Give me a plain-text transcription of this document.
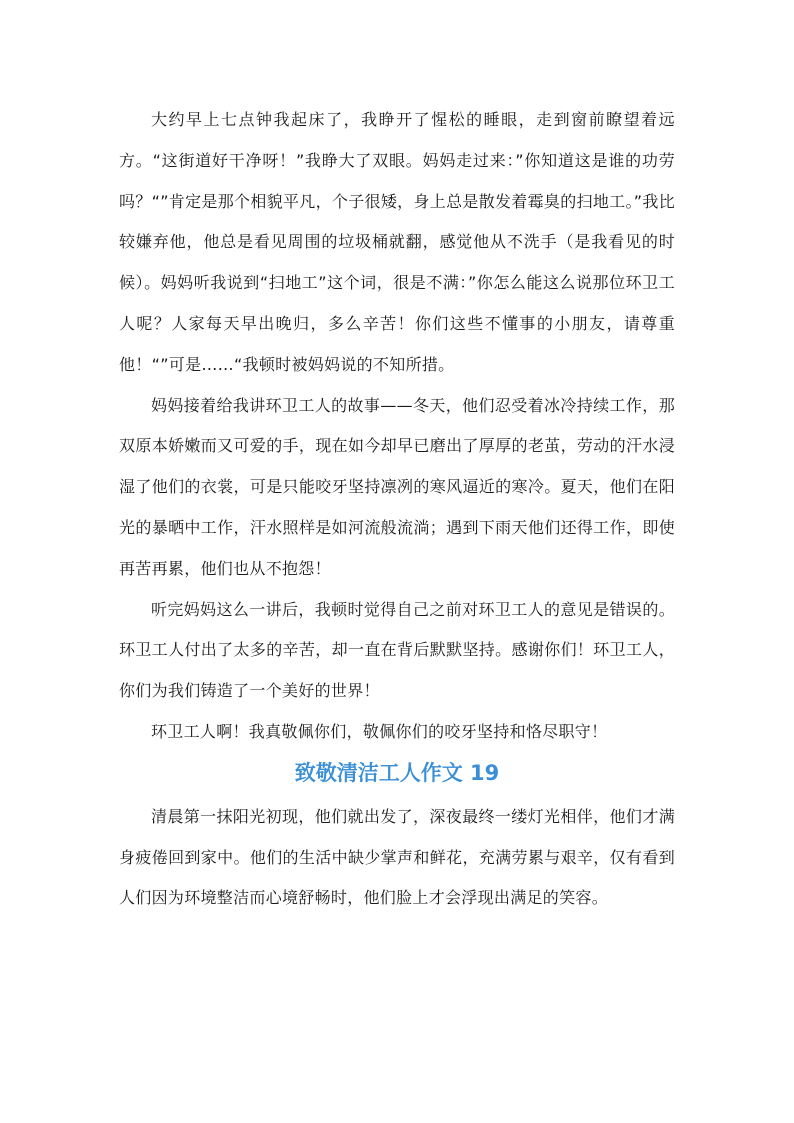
大约早上七点钟我起床了，我睁开了惺松的睡眼，走到窗前瞭望着远方。“这街道好干净呀！”我睁大了双眼。妈妈走过来：”你知道这是谁的功劳吗？“”肯定是那个相貌平凡，个子很矮，身上总是散发着霉臭的扫地工。”我比较嫌弃他，他总是看见周围的垃圾桶就翻，感觉他从不洗手（是我看见的时候）。妈妈听我说到“扫地工”这个词，很是不满：”你怎么能这么说那位环卫工人呢？人家每天早出晚归，多么辛苦！你们这些不懂事的小朋友，请尊重他！“”可是……“我顿时被妈妈说的不知所措。

妈妈接着给我讲环卫工人的故事——冬天，他们忍受着冰冷持续工作，那双原本娇嫩而又可爱的手，现在如今却早已磨出了厚厚的老茧，劳动的汗水浸湿了他们的衣裳，可是只能咬牙坚持凛冽的寒风逼近的寒冷。夏天，他们在阳光的暴晒中工作，汗水照样是如河流般流淌；遇到下雨天他们还得工作，即使再苦再累，他们也从不抱怨！

听完妈妈这么一讲后，我顿时觉得自己之前对环卫工人的意见是错误的。环卫工人付出了太多的辛苦，却一直在背后默默坚持。感谢你们！环卫工人，你们为我们铸造了一个美好的世界！

环卫工人啊！我真敬佩你们，敬佩你们的咬牙坚持和恪尽职守！

致敬清洁工人作文 19

清晨第一抹阳光初现，他们就出发了，深夜最终一缕灯光相伴，他们才满身疲倦回到家中。他们的生活中缺少掌声和鲜花，充满劳累与艰辛，仅有看到人们因为环境整洁而心境舒畅时，他们脸上才会浮现出满足的笑容。
